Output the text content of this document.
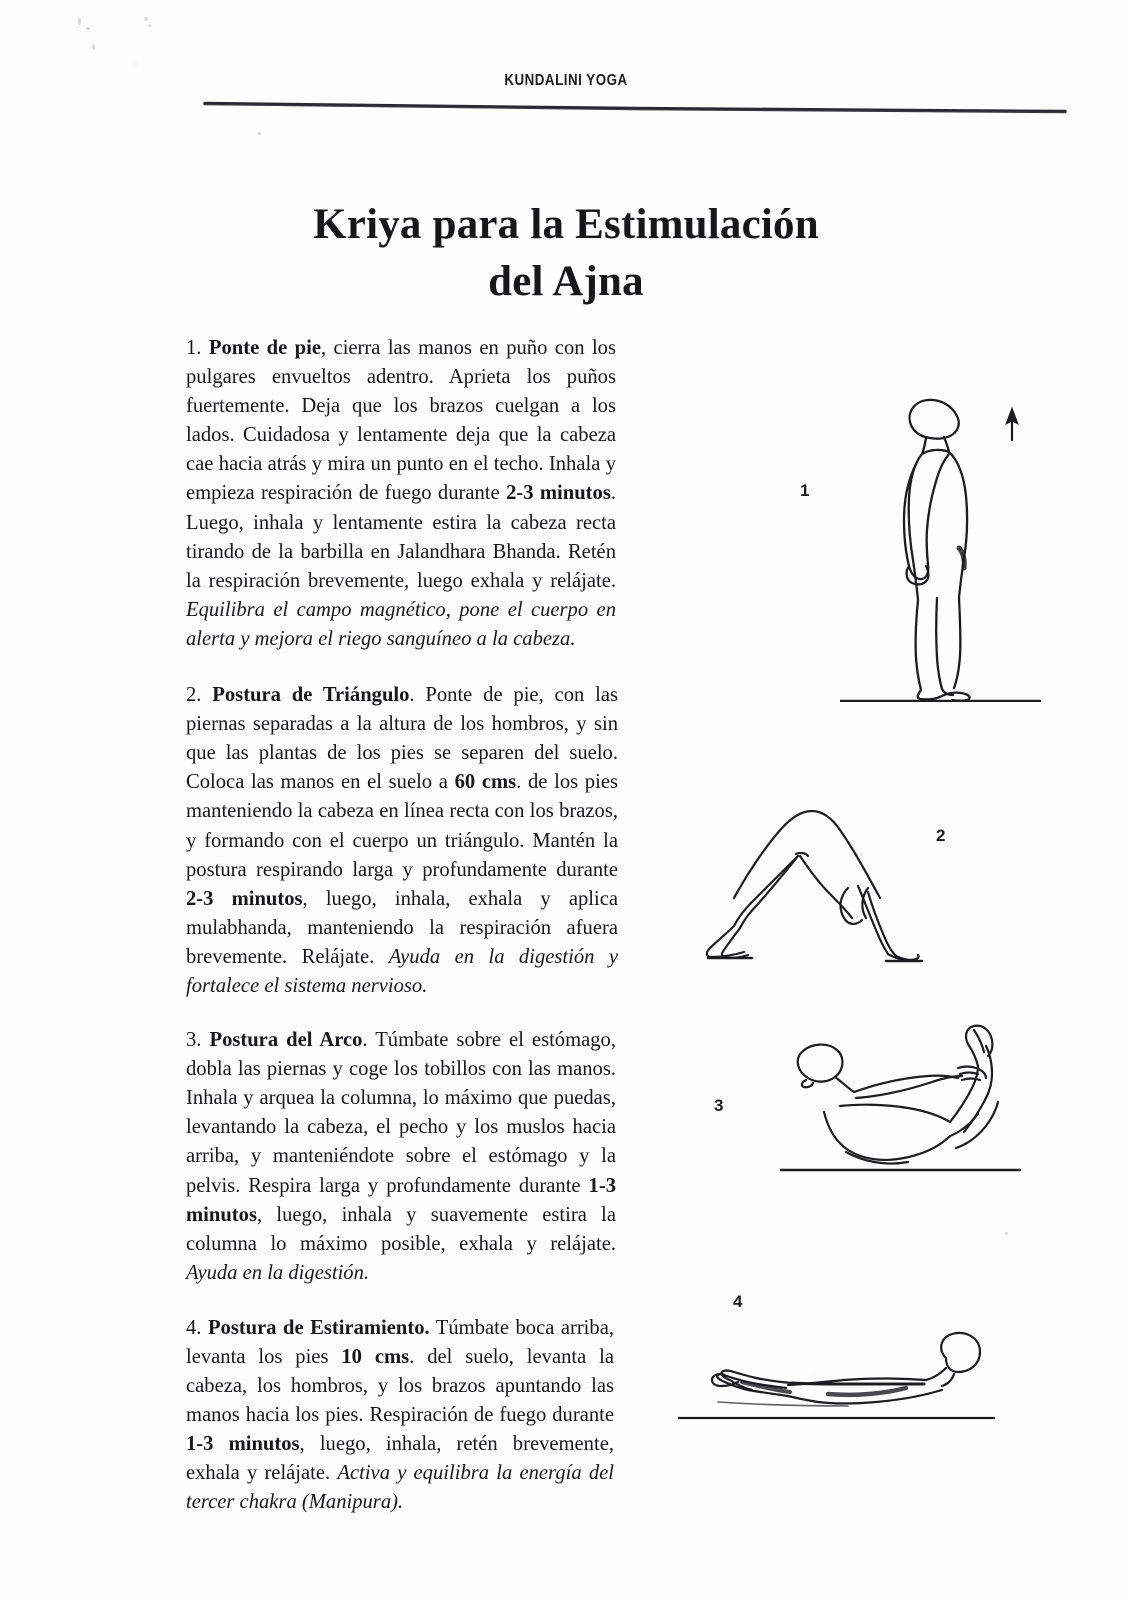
KUNDALINI YOGA
Kriya para la Estimulación
del Ajna

1. Ponte de pie, cierra las manos en puño con los pulgares envueltos adentro. Aprieta los puños fuertemente. Deja que los brazos cuelgan a los lados. Cuidadosa y lentamente deja que la cabeza cae hacia atrás y mira un punto en el techo. Inhala y empieza respiración de fuego durante 2-3 minutos. Luego, inhala y lentamente estira la cabeza recta tirando de la barbilla en Jalandhara Bhanda. Retén la respiración brevemente, luego exhala y relájate. Equilibra el campo magnético, pone el cuerpo en alerta y mejora el riego sanguíneo a la cabeza.

2. Postura de Triángulo. Ponte de pie, con las piernas separadas a la altura de los hombros, y sin que las plantas de los pies se separen del suelo. Coloca las manos en el suelo a 60 cms. de los pies manteniendo la cabeza en línea recta con los brazos, y formando con el cuerpo un triángulo. Mantén la postura respirando larga y profundamente durante 2-3 minutos, luego, inhala, exhala y aplica mulabhanda, manteniendo la respiración afuera brevemente. Relájate. Ayuda en la digestión y fortalece el sistema nervioso.

3. Postura del Arco. Túmbate sobre el estómago, dobla las piernas y coge los tobillos con las manos. Inhala y arquea la columna, lo máximo que puedas, levantando la cabeza, el pecho y los muslos hacia arriba, y manteniéndote sobre el estómago y la pelvis. Respira larga y profundamente durante 1-3 minutos, luego, inhala y suavemente estira la columna lo máximo posible, exhala y relájate. Ayuda en la digestión.

4. Postura de Estiramiento. Túmbate boca arriba, levanta los pies 10 cms. del suelo, levanta la cabeza, los hombros, y los brazos apuntando las manos hacia los pies. Respiración de fuego durante 1-3 minutos, luego, inhala, retén brevemente, exhala y relájate. Activa y equilibra la energía del tercer chakra (Manipura).

1
2
3
4
